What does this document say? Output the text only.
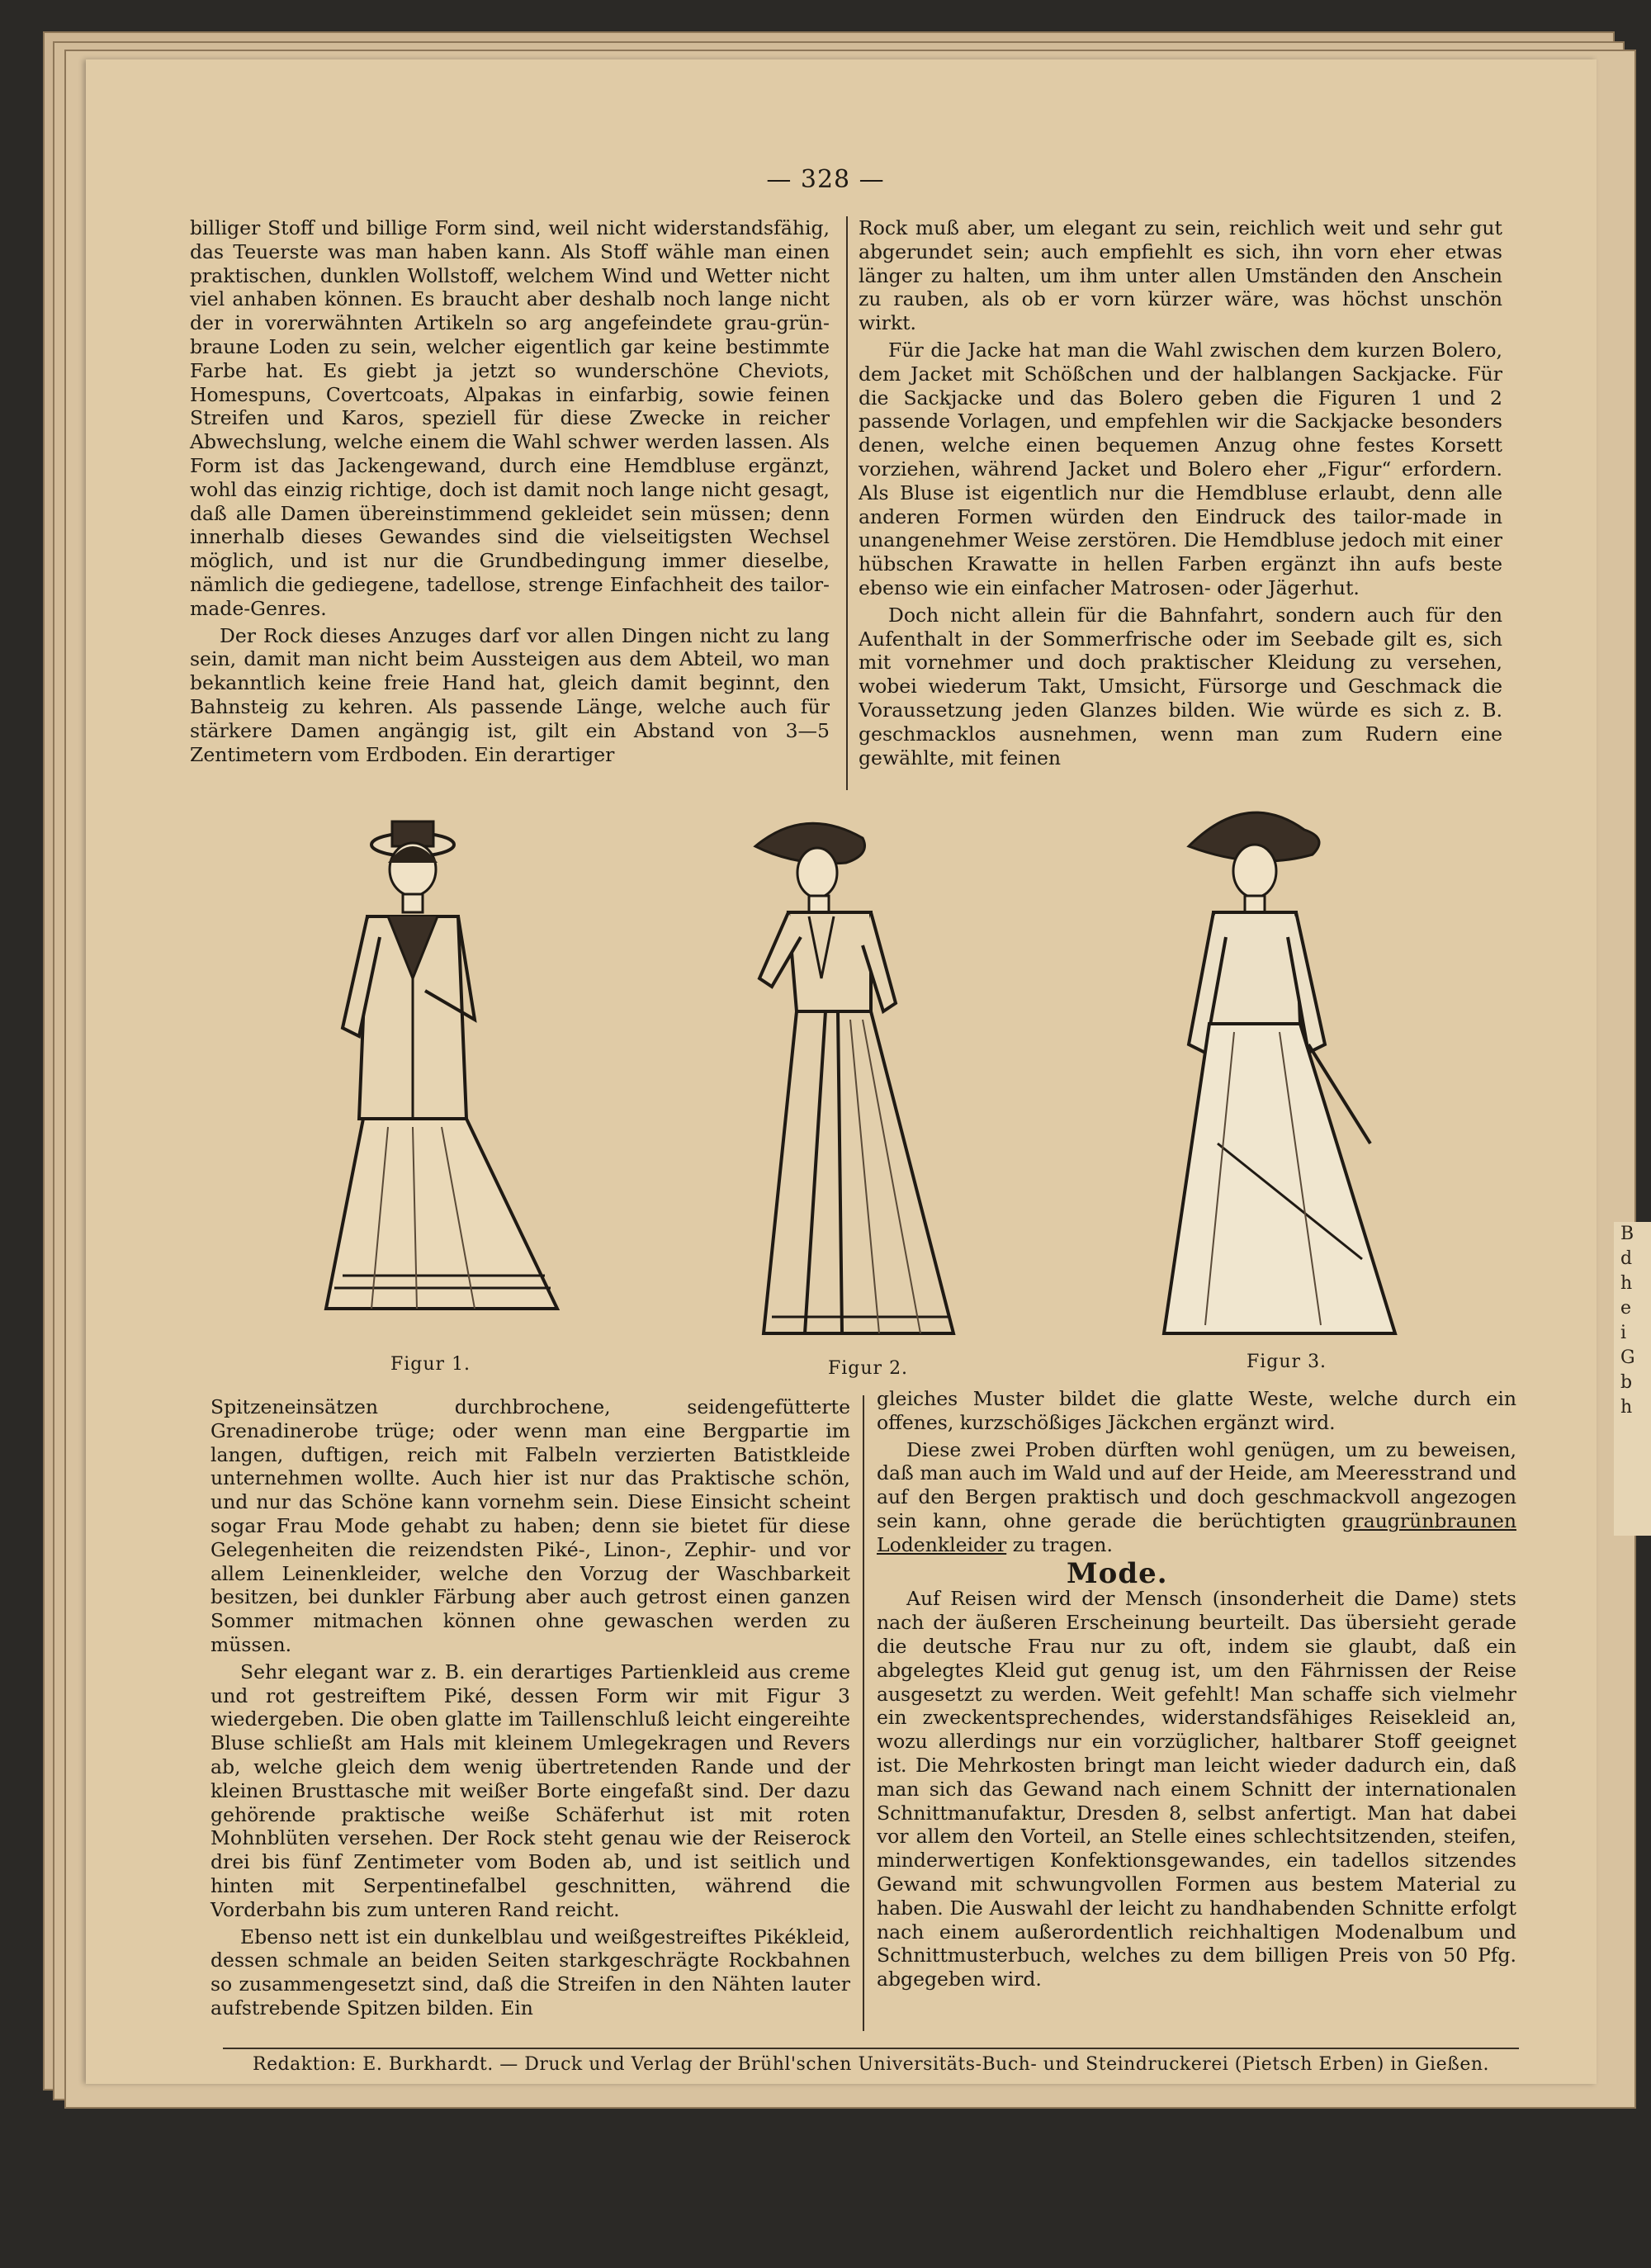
B
d
h
e
i
G
b
h
— 328 —

billiger Stoff und billige Form sind, weil nicht widerstandsfähig, das Teuerste was man haben kann. Als Stoff wähle man einen praktischen, dunklen Wollstoff, welchem Wind und Wetter nicht viel anhaben können. Es braucht aber deshalb noch lange nicht der in vorerwähnten Artikeln so arg angefeindete grau-grün-braune Loden zu sein, welcher eigentlich gar keine bestimmte Farbe hat. Es giebt ja jetzt so wunderschöne Cheviots, Homespuns, Covertcoats, Alpakas in einfarbig, sowie feinen Streifen und Karos, speziell für diese Zwecke in reicher Abwechslung, welche einem die Wahl schwer werden lassen. Als Form ist das Jackengewand, durch eine Hemdbluse ergänzt, wohl das einzig richtige, doch ist damit noch lange nicht gesagt, daß alle Damen übereinstimmend gekleidet sein müssen; denn innerhalb dieses Gewandes sind die vielseitigsten Wechsel möglich, und ist nur die Grundbedingung immer dieselbe, nämlich die gediegene, tadellose, strenge Einfachheit des tailor-made-Genres.

Der Rock dieses Anzuges darf vor allen Dingen nicht zu lang sein, damit man nicht beim Aussteigen aus dem Abteil, wo man bekanntlich keine freie Hand hat, gleich damit beginnt, den Bahnsteig zu kehren. Als passende Länge, welche auch für stärkere Damen angängig ist, gilt ein Abstand von 3—5 Zentimetern vom Erdboden. Ein derartiger

Rock muß aber, um elegant zu sein, reichlich weit und sehr gut abgerundet sein; auch empfiehlt es sich, ihn vorn eher etwas länger zu halten, um ihm unter allen Umständen den Anschein zu rauben, als ob er vorn kürzer wäre, was höchst unschön wirkt.

Für die Jacke hat man die Wahl zwischen dem kurzen Bolero, dem Jacket mit Schößchen und der halblangen Sackjacke. Für die Sackjacke und das Bolero geben die Figuren 1 und 2 passende Vorlagen, und empfehlen wir die Sackjacke besonders denen, welche einen bequemen Anzug ohne festes Korsett vorziehen, während Jacket und Bolero eher „Figur“ erfordern. Als Bluse ist eigentlich nur die Hemdbluse erlaubt, denn alle anderen Formen würden den Eindruck des tailor-made in unangenehmer Weise zerstören. Die Hemdbluse jedoch mit einer hübschen Krawatte in hellen Farben ergänzt ihn aufs beste ebenso wie ein einfacher Matrosen- oder Jägerhut.

Doch nicht allein für die Bahnfahrt, sondern auch für den Aufenthalt in der Sommerfrische oder im Seebade gilt es, sich mit vornehmer und doch praktischer Kleidung zu versehen, wobei wiederum Takt, Umsicht, Fürsorge und Geschmack die Voraussetzung jeden Glanzes bilden. Wie würde es sich z. B. geschmacklos ausnehmen, wenn man zum Rudern eine gewählte, mit feinen

Figur 1.	Figur 2.	Figur 3.

Spitzeneinsätzen durchbrochene, seidengefütterte Grenadinerobe trüge; oder wenn man eine Bergpartie im langen, duftigen, reich mit Falbeln verzierten Batistkleide unternehmen wollte. Auch hier ist nur das Praktische schön, und nur das Schöne kann vornehm sein. Diese Einsicht scheint sogar Frau Mode gehabt zu haben; denn sie bietet für diese Gelegenheiten die reizendsten Piké-, Linon-, Zephir- und vor allem Leinenkleider, welche den Vorzug der Waschbarkeit besitzen, bei dunkler Färbung aber auch getrost einen ganzen Sommer mitmachen können ohne gewaschen werden zu müssen.

Sehr elegant war z. B. ein derartiges Partienkleid aus creme und rot gestreiftem Piké, dessen Form wir mit Figur 3 wiedergeben. Die oben glatte im Taillenschluß leicht eingereihte Bluse schließt am Hals mit kleinem Umlegekragen und Revers ab, welche gleich dem wenig übertretenden Rande und der kleinen Brusttasche mit weißer Borte eingefaßt sind. Der dazu gehörende praktische weiße Schäferhut ist mit roten Mohnblüten versehen. Der Rock steht genau wie der Reiserock drei bis fünf Zentimeter vom Boden ab, und ist seitlich und hinten mit Serpentinefalbel geschnitten, während die Vorderbahn bis zum unteren Rand reicht.

Ebenso nett ist ein dunkelblau und weißgestreiftes Pikékleid, dessen schmale an beiden Seiten starkgeschrägte Rockbahnen so zusammengesetzt sind, daß die Streifen in den Nähten lauter aufstrebende Spitzen bilden. Ein

gleiches Muster bildet die glatte Weste, welche durch ein offenes, kurzschößiges Jäckchen ergänzt wird.

Diese zwei Proben dürften wohl genügen, um zu beweisen, daß man auch im Wald und auf der Heide, am Meeresstrand und auf den Bergen praktisch und doch geschmackvoll angezogen sein kann, ohne gerade die berüchtigten graugrünbraunen Lodenkleider zu tragen.

Mode.

Auf Reisen wird der Mensch (insonderheit die Dame) stets nach der äußeren Erscheinung beurteilt. Das übersieht gerade die deutsche Frau nur zu oft, indem sie glaubt, daß ein abgelegtes Kleid gut genug ist, um den Fährnissen der Reise ausgesetzt zu werden. Weit gefehlt! Man schaffe sich vielmehr ein zweckentsprechendes, widerstandsfähiges Reisekleid an, wozu allerdings nur ein vorzüglicher, haltbarer Stoff geeignet ist. Die Mehrkosten bringt man leicht wieder dadurch ein, daß man sich das Gewand nach einem Schnitt der internationalen Schnittmanufaktur, Dresden 8, selbst anfertigt. Man hat dabei vor allem den Vorteil, an Stelle eines schlechtsitzenden, steifen, minderwertigen Konfektionsgewandes, ein tadellos sitzendes Gewand mit schwungvollen Formen aus bestem Material zu haben. Die Auswahl der leicht zu handhabenden Schnitte erfolgt nach einem außerordentlich reichhaltigen Modenalbum und Schnittmusterbuch, welches zu dem billigen Preis von 50 Pfg. abgegeben wird.

Redaktion: E. Burkhardt. — Druck und Verlag der Brühl'schen Universitäts-Buch- und Steindruckerei (Pietsch Erben) in Gießen.
